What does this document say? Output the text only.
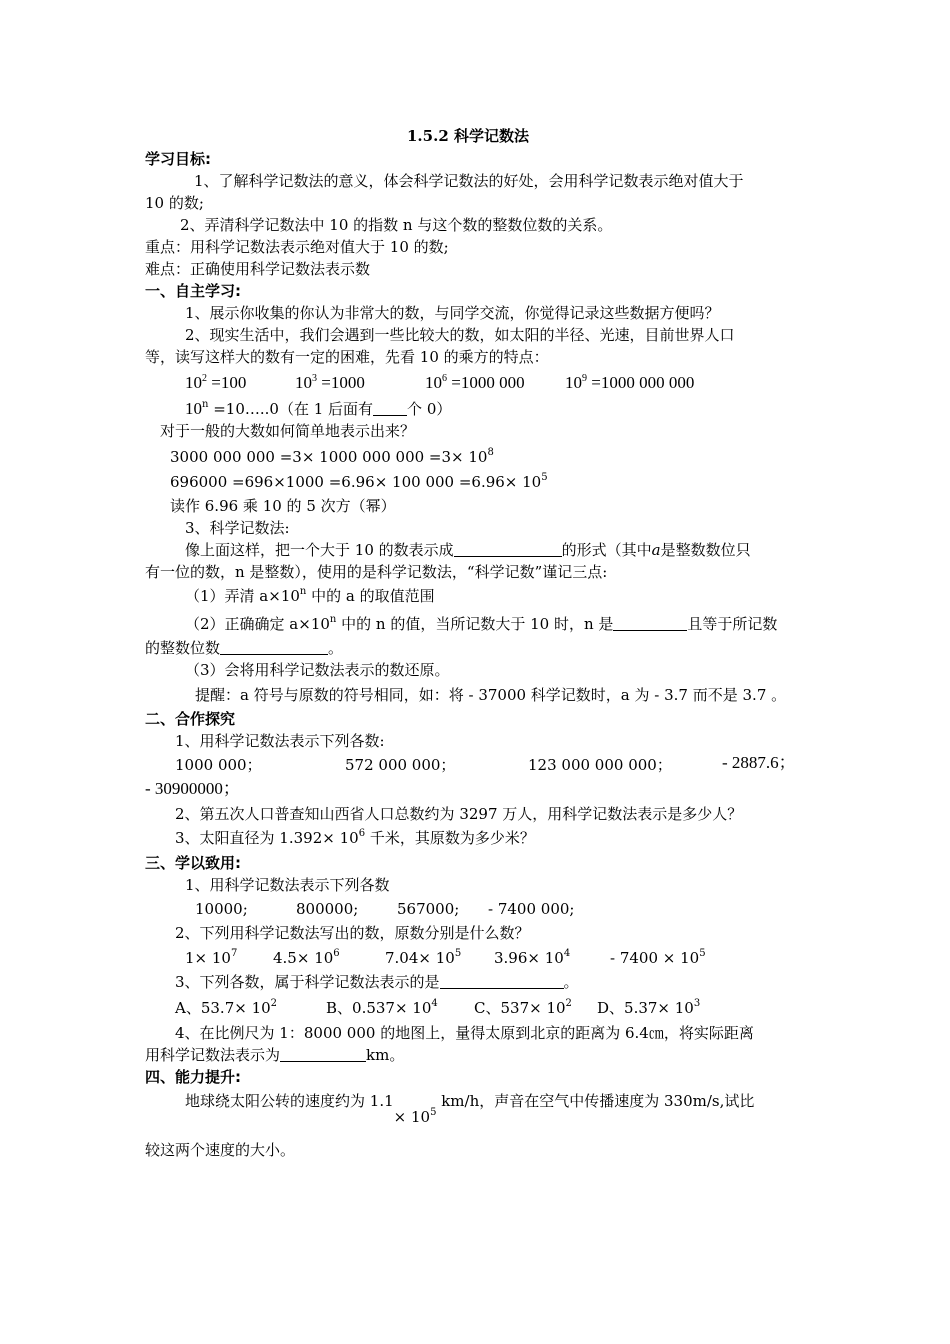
1.5.2 科学记数法
学习目标:
1、了解科学记数法的意义，体会科学记数法的好处，会用科学记数表示绝对值大于
10 的数;
2、弄清科学记数法中 10 的指数 n 与这个数的整数位数的关系。
重点：用科学记数法表示绝对值大于 10 的数;
难点：正确使用科学记数法表示数
一、自主学习:
1、展示你收集的你认为非常大的数，与同学交流，你觉得记录这些数据方便吗？
2、现实生活中，我们会遇到一些比较大的数，如太阳的半径、光速，目前世界人口
等，读写这样大的数有一定的困难，先看 10 的乘方的特点：
$10^2 =100$	$10^3 =1000$	$10^6 =1000$ 000 $10^9 =1000$ 000 000
$10^n$ =10…..0（在 1 后面有 个 0）
对于一般的大数如何简单地表示出来？
3000 000 000 =3× 1000 000 $000 =3\times 10^8$
696000 =696×1000 =6.96× 100 $000 =6.96\times 10^5$
读作 6.96 乘 10 的 5 次方（幂）
3、科学记数法:
像上面这样，把一个大于 10 的数表示成	的形式（其中a是整数数位只
有一位的数，n 是整数），使用的是科学记数法，“科学记数”谨记三点:
（1）弄清 $a\times 10^n$ 中的 a 的取值范围
（2）正确确定 $a\times 10^n$ 中的 n 的值，当所记数大于 10 时，n 是	且等于所记数
的整数位数	。
（3）会将用科学记数法表示的数还原。
提醒：a 符号与原数的符号相同，如：将 - 37000 科学记数时，a 为 - 3.7 而不是 3.7 。
二、合作探究
1、用科学记数法表示下列各数:
1000 000；	572 000 000；	123 000 000 000；	- 2887.6；
- 30900000；
2、第五次人口普查知山西省人口总数约为 3297 万人，用科学记数法表示是多少人？
3、太阳直径为 $1.392\times 10^6$ 千米，其原数为多少米？
三、学以致用:
1、用科学记数法表示下列各数
10000;	800000;	567000; - 7400 000;
2、下列用科学记数法写出的数，原数分别是什么数？
$1\times 10^7$ $4.5\times 10^6$	$7.04\times 10^5$ $3.96\times 10^4$	- $7400 \times 10^5$
3、下列各数，属于科学记数法表示的是	。
A、$53.7\times 10^2$	B、$0.537\times 10^4$ C、$537\times 10^2$ D、$5.37\times 10^3$
4、在比例尺为 1：8000 000 的地图上，量得太原到北京的距离为 6.4㎝，将实际距离
用科学记数法表示为	km。
四、能力提升:
地球绕太阳公转的速度约为 $1.1\times 10^5$ km/h，声音在空气中传播速度为 330m/s,试比
较这两个速度的大小。
